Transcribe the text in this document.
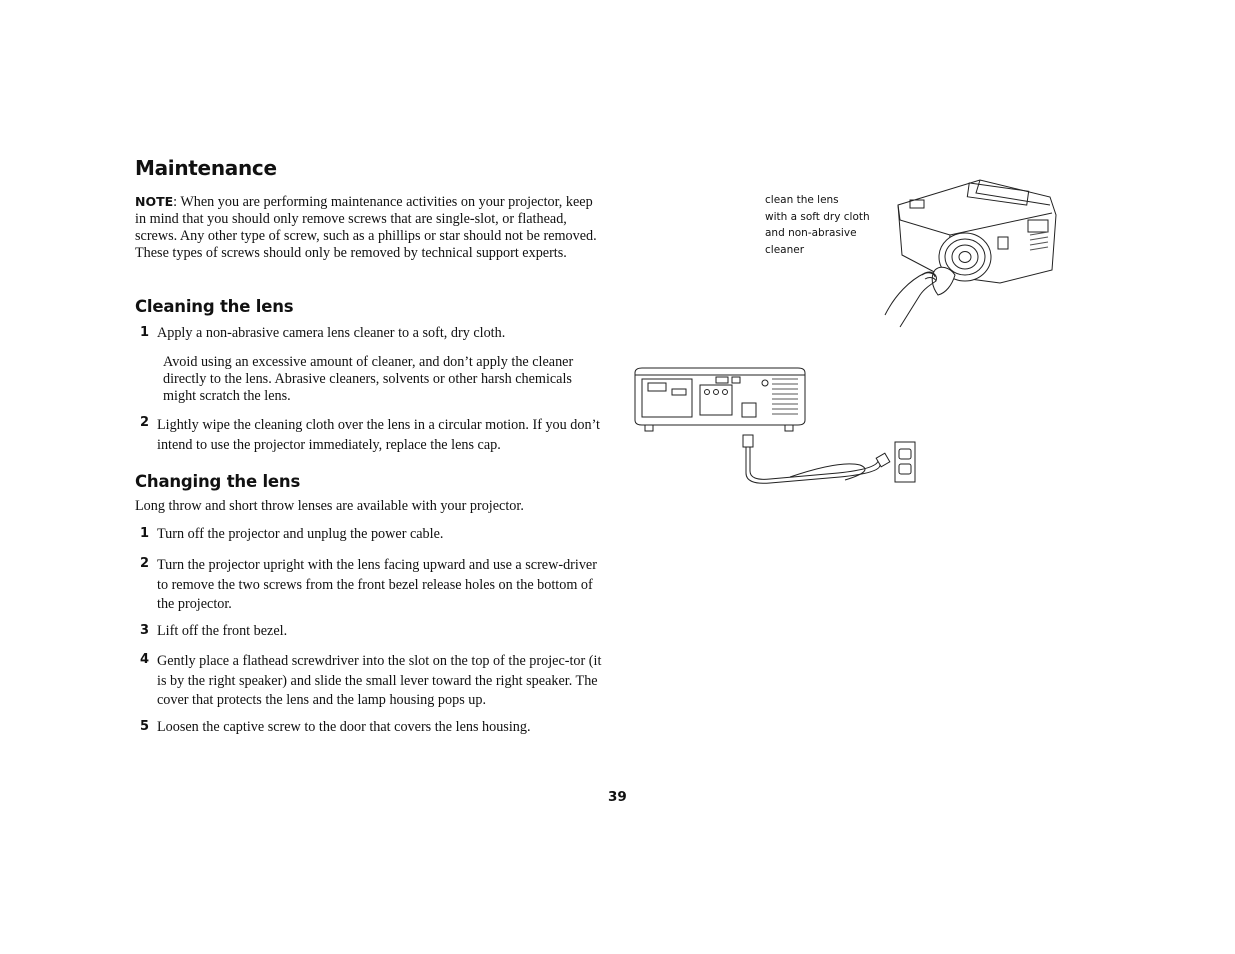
Maintenance

NOTE: When you are performing maintenance activities on your projector, keep in mind that you should only remove screws that are single-slot, or flathead, screws. Any other type of screw, such as a phillips or star should not be removed. These types of screws should only be removed by technical support experts.

Cleaning the lens
1 Apply a non-abrasive camera lens cleaner to a soft, dry cloth.

Avoid using an excessive amount of cleaner, and don’t apply the cleaner directly to the lens. Abrasive cleaners, solvents or other harsh chemicals might scratch the lens.

2 Lightly wipe the cleaning cloth over the lens in a circular motion. If you don’t intend to use the projector immediately, replace the lens cap.

Changing the lens

Long throw and short throw lenses are available with your projector.

1 Turn off the projector and unplug the power cable.

2 Turn the projector upright with the lens facing upward and use a screw-driver to remove the two screws from the front bezel release holes on the bottom of the projector.

3 Lift off the front bezel.

4 Gently place a flathead screwdriver into the slot on the top of the projec-tor (it is by the right speaker) and slide the small lever toward the right speaker. The cover that protects the lens and the lamp housing pops up.

5 Loosen the captive screw to the door that covers the lens housing.

clean the lens
with a soft dry cloth
and non-abrasive
cleaner
39
